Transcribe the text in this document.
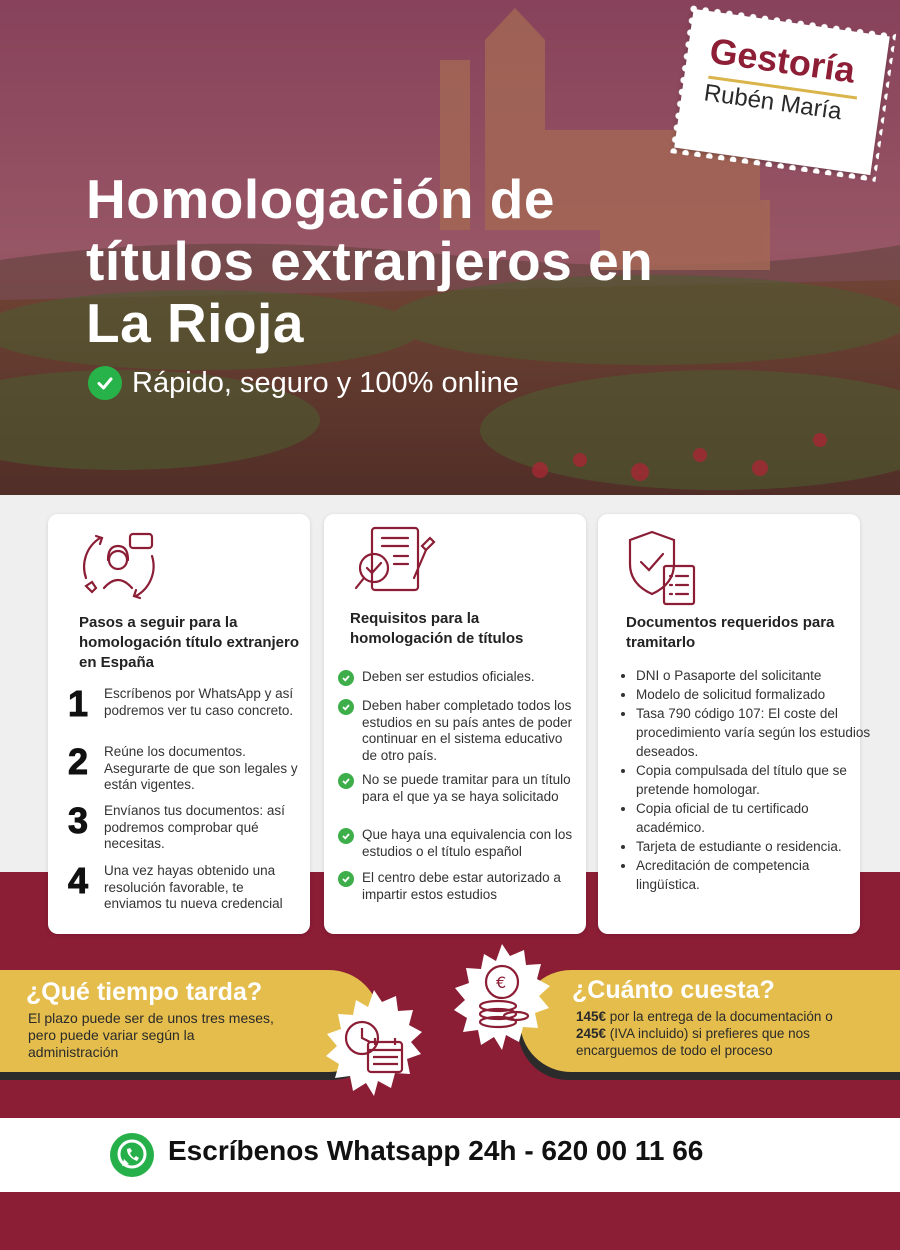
Homologación de títulos extranjeros en La Rioja
Rápido, seguro y 100% online
Gestoría
Rubén María
Pasos a seguir para la homologación título extranjero en España
1	Escríbenos por WhatsApp y así podremos ver tu caso concreto.
2	Reúne los documentos. Asegurarte de que son legales y están vigentes.
3	Envíanos tus documentos: así podremos comprobar qué necesitas.
4	Una vez hayas obtenido una resolución favorable, te enviamos tu nueva credencial
Requisitos para la homologación de títulos
Deben ser estudios oficiales.
Deben haber completado todos los estudios en su país antes de poder continuar en el sistema educativo de otro país.
No se puede tramitar para un título para el que ya se haya solicitado
Que haya una equivalencia con los estudios o el título español
El centro debe estar autorizado a impartir estos estudios
Documentos requeridos para tramitarlo
• DNI o Pasaporte del solicitante
• Modelo de solicitud formalizado
• Tasa 790 código 107: El coste del procedimiento varía según los estudios deseados.
• Copia compulsada del título que se pretende homologar.
• Copia oficial de tu certificado académico.
• Tarjeta de estudiante o residencia.
• Acreditación de competencia lingüística.
¿Qué tiempo tarda?
El plazo puede ser de unos tres meses, pero puede variar según la administración
¿Cuánto cuesta?
145€ por la entrega de la documentación o 245€ (IVA incluido) si prefieres que nos encarguemos de todo el proceso
€
Escríbenos Whatsapp 24h - 620 00 11 66
